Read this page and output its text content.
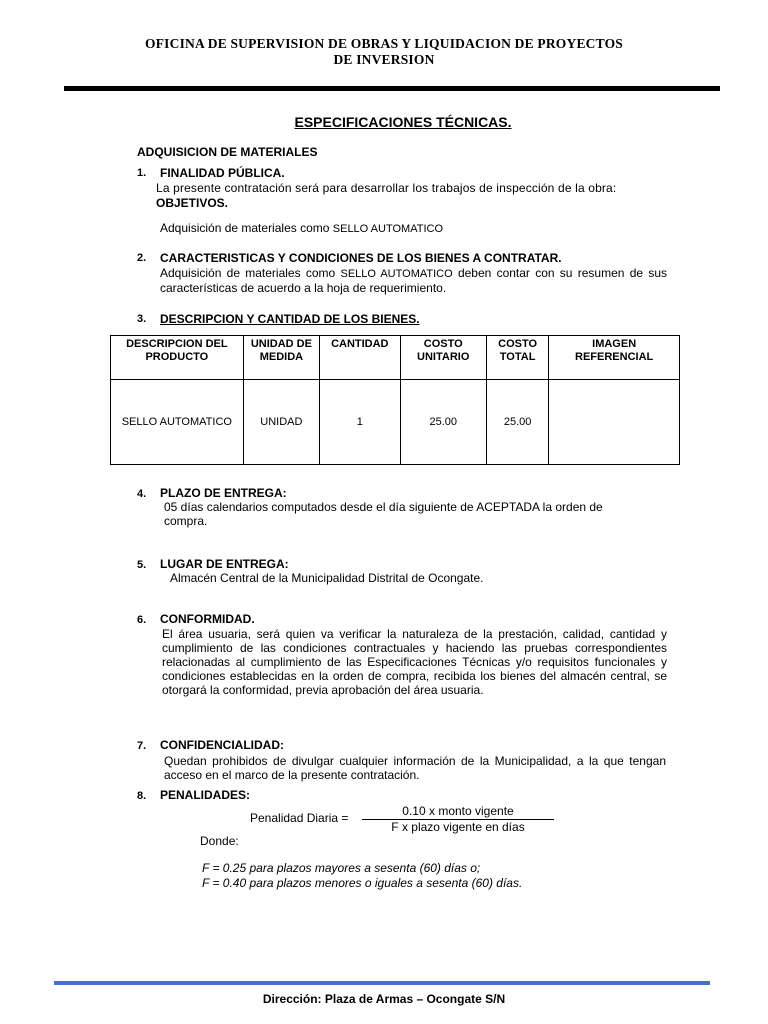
OFICINA DE SUPERVISION DE OBRAS Y LIQUIDACION DE PROYECTOS
DE INVERSION
ESPECIFICACIONES TÉCNICAS.
ADQUISICION DE MATERIALES
1. FINALIDAD PÚBLICA.
La presente contratación será para desarrollar los trabajos de inspección de la obra:
OBJETIVOS.
Adquisición de materiales como SELLO AUTOMATICO
2. CARACTERISTICAS Y CONDICIONES DE LOS BIENES A CONTRATAR.
Adquisición de materiales como SELLO AUTOMATICO deben contar con su resumen de sus características de acuerdo a la hoja de requerimiento.
3. DESCRIPCION Y CANTIDAD DE LOS BIENES.
DESCRIPCION DEL PRODUCTO	UNIDAD DE MEDIDA	CANTIDAD	COSTO UNITARIO	COSTO TOTAL	IMAGEN REFERENCIAL
SELLO AUTOMATICO	UNIDAD	1	25.00	25.00	
4. PLAZO DE ENTREGA:
05 días calendarios computados desde el día siguiente de ACEPTADA la orden de
compra.
5. LUGAR DE ENTREGA:
Almacén Central de la Municipalidad Distrital de Ocongate.
6. CONFORMIDAD.
El área usuaria, será quien va verificar la naturaleza de la prestación, calidad, cantidad y cumplimiento de las condiciones contractuales y haciendo las pruebas correspondientes relacionadas al cumplimiento de las Especificaciones Técnicas y/o requisitos funcionales y condiciones establecidas en la orden de compra, recibida los bienes del almacén central, se otorgará la conformidad, previa aprobación del área usuaria.
7. CONFIDENCIALIDAD:
Quedan prohibidos de divulgar cualquier información de la Municipalidad, a la que tengan acceso en el marco de la presente contratación.
8. PENALIDADES:
Penalidad Diaria =	0.10 x monto vigente
F x plazo vigente en días
Donde:
F = 0.25 para plazos mayores a sesenta (60) días o;
F = 0.40 para plazos menores o iguales a sesenta (60) días.
Dirección: Plaza de Armas – Ocongate S/N
